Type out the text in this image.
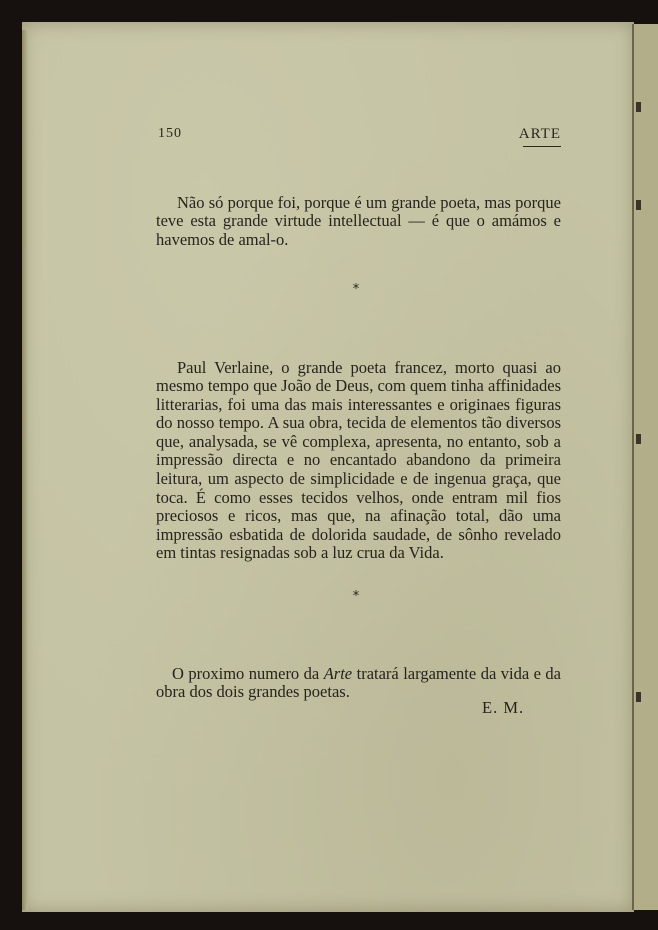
150	ARTE

Não só porque foi, porque é um grande poeta, mas porque teve esta grande virtude intellectual — é que o amámos e havemos de amal-o.

*

Paul Verlaine, o grande poeta francez, morto quasi ao mesmo tempo que João de Deus, com quem tinha affinidades litterarias, foi uma das mais interessantes e originaes figuras do nosso tempo. A sua obra, tecida de elementos tão diversos que, analysada, se vê complexa, apresenta, no entanto, sob a impressão directa e no encantado abandono da primeira leitura, um aspecto de simplicidade e de ingenua graça, que toca. É como esses tecidos velhos, onde entram mil fios preciosos e ricos, mas que, na afinação total, dão uma impressão esbatida de dolorida saudade, de sônho revelado em tintas resignadas sob a luz crua da Vida.

*

O proximo numero da Arte tratará largamente da vida e da obra dos dois grandes poetas.

E. M.
